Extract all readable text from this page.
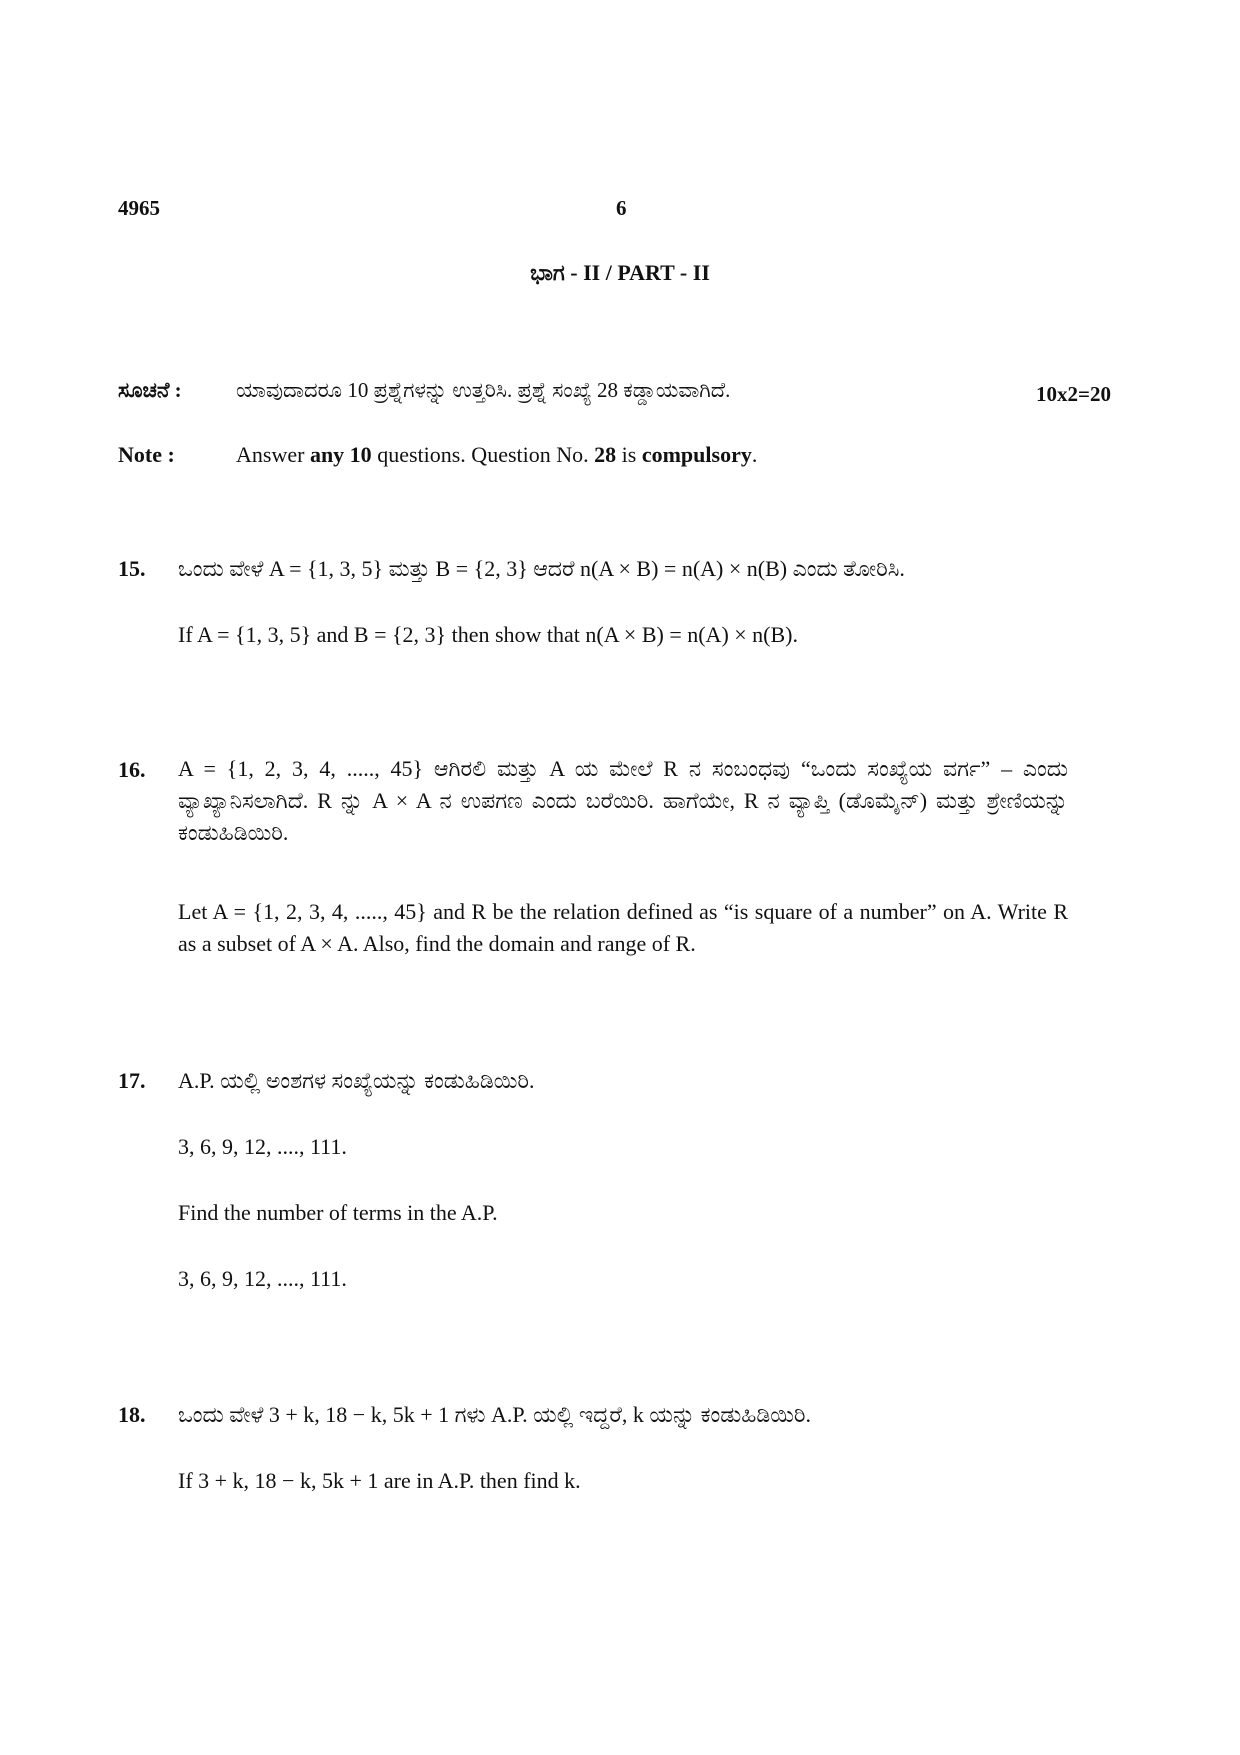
4965	6
ಭಾಗ - II / PART - II
ಸೂಚನೆ :	ಯಾವುದಾದರೂ 10 ಪ್ರಶ್ನೆಗಳನ್ನು ಉತ್ತರಿಸಿ. ಪ್ರಶ್ನೆ ಸಂಖ್ಯೆ 28 ಕಡ್ಡಾಯವಾಗಿದೆ.	10x2=20
Note :	Answer any 10 questions. Question No. 28 is compulsory.
15. ಒಂದು ವೇಳೆ A = {1, 3, 5} ಮತ್ತು B = {2, 3} ಆದರೆ n(A × B) = n(A) × n(B) ಎಂದು ತೋರಿಸಿ.
If A = {1, 3, 5} and B = {2, 3} then show that n(A × B) = n(A) × n(B).
16. A = {1, 2, 3, 4, ....., 45} ಆಗಿರಲಿ ಮತ್ತು A ಯ ಮೇಲೆ R ನ ಸಂಬಂಧವು “ಒಂದು ಸಂಖ್ಯೆಯ ವರ್ಗ” – ಎಂದು ವ್ಯಾಖ್ಯಾನಿಸಲಾಗಿದೆ. R ನ್ನು A × A ನ ಉಪಗಣ ಎಂದು ಬರೆಯಿರಿ. ಹಾಗೆಯೇ, R ನ ವ್ಯಾಪ್ತಿ (ಡೊಮೈನ್) ಮತ್ತು ಶ್ರೇಣಿಯನ್ನು ಕಂಡುಹಿಡಿಯಿರಿ.
Let A = {1, 2, 3, 4, ....., 45} and R be the relation defined as “is square of a number” on A. Write R as a subset of A × A. Also, find the domain and range of R.
17. A.P. ಯಲ್ಲಿ ಅಂಶಗಳ ಸಂಖ್ಯೆಯನ್ನು ಕಂಡುಹಿಡಿಯಿರಿ.
3, 6, 9, 12, ...., 111.
Find the number of terms in the A.P.
3, 6, 9, 12, ...., 111.
18. ಒಂದು ವೇಳೆ 3 + k, 18 − k, 5k + 1 ಗಳು A.P. ಯಲ್ಲಿ ಇದ್ದರೆ, k ಯನ್ನು ಕಂಡುಹಿಡಿಯಿರಿ.
If 3 + k, 18 − k, 5k + 1 are in A.P. then find k.
